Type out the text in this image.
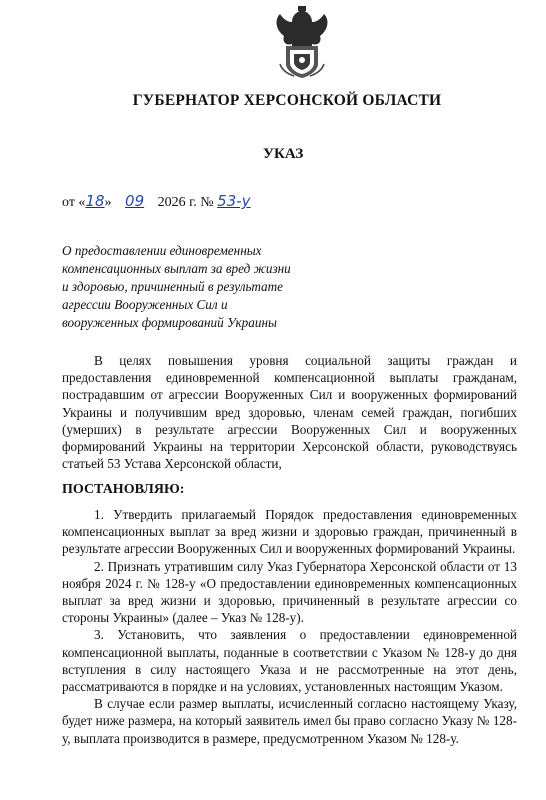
ГУБЕРНАТОР ХЕРСОНСКОЙ ОБЛАСТИ
УКАЗ
от «18» 09 2026 г. № 53-у
О предоставлении единовременных
компенсационных выплат за вред жизни
и здоровью, причиненный в результате
агрессии Вооруженных Сил и
вооруженных формирований Украины
В целях повышения уровня социальной защиты граждан и предоставления единовременной компенсационной выплаты гражданам, пострадавшим от агрессии Вооруженных Сил и вооруженных формирований Украины и получившим вред здоровью, членам семей граждан, погибших (умерших) в результате агрессии Вооруженных Сил и вооруженных формирований Украины на территории Херсонской области, руководствуясь статьей 53 Устава Херсонской области,
ПОСТАНОВЛЯЮ:

1. Утвердить прилагаемый Порядок предоставления единовременных компенсационных выплат за вред жизни и здоровью граждан, причиненный в результате агрессии Вооруженных Сил и вооруженных формирований Украины.

2. Признать утратившим силу Указ Губернатора Херсонской области от 13 ноября 2024 г. № 128-у «О предоставлении единовременных компенсационных выплат за вред жизни и здоровью, причиненный в результате агрессии со стороны Украины» (далее – Указ № 128-у).

3. Установить, что заявления о предоставлении единовременной компенсационной выплаты, поданные в соответствии с Указом № 128-у до дня вступления в силу настоящего Указа и не рассмотренные на этот день, рассматриваются в порядке и на условиях, установленных настоящим Указом.

В случае если размер выплаты, исчисленный согласно настоящему Указу, будет ниже размера, на который заявитель имел бы право согласно Указу № 128-у, выплата производится в размере, предусмотренном Указом № 128-у.
